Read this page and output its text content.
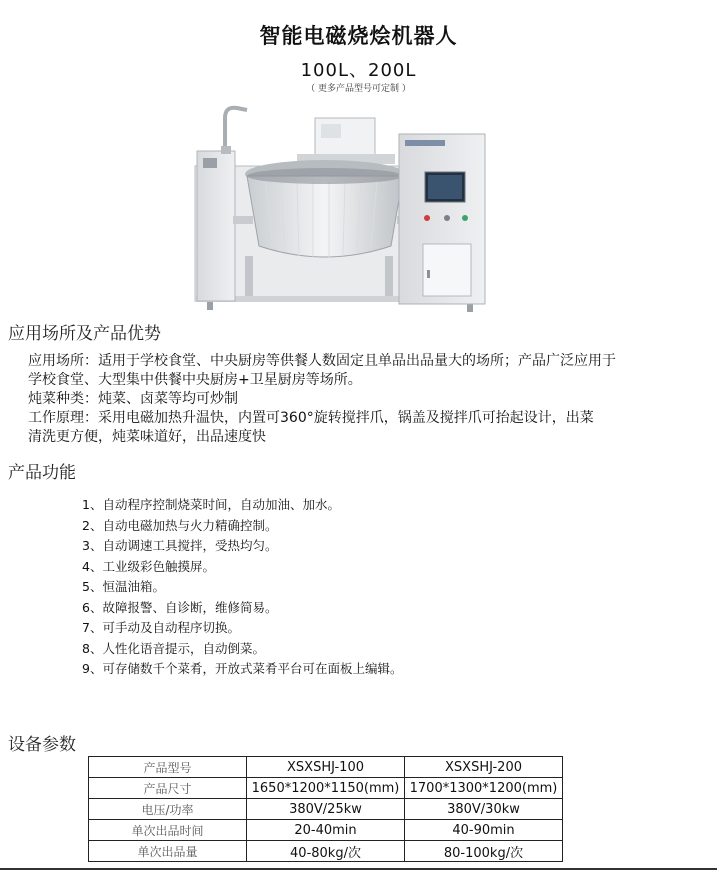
智能电磁烧烩机器人
100L、200L
（ 更多产品型号可定制 ）
应用场所及产品优势
应用场所：适用于学校食堂、中央厨房等供餐人数固定且单品出品量大的场所；产品广泛应用于
学校食堂、大型集中供餐中央厨房+卫星厨房等场所。
炖菜种类：炖菜、卤菜等均可炒制
工作原理：采用电磁加热升温快，内置可360°旋转搅拌爪，锅盖及搅拌爪可抬起设计，出菜
清洗更方便，炖菜味道好，出品速度快
产品功能
1、自动程序控制烧菜时间，自动加油、加水。
2、自动电磁加热与火力精确控制。
3、自动调速工具搅拌，受热均匀。
4、工业级彩色触摸屏。
5、恒温油箱。
6、故障报警、自诊断，维修简易。
7、可手动及自动程序切换。
8、人性化语音提示，自动倒菜。
9、可存储数千个菜肴，开放式菜肴平台可在面板上编辑。
设备参数
产品型号	XSXSHJ-100	XSXSHJ-200
产品尺寸	1650*1200*1150(mm)	1700*1300*1200(mm)
电压/功率	380V/25kw	380V/30kw
单次出品时间	20-40min	40-90min
单次出品量	40-80kg/次	80-100kg/次
